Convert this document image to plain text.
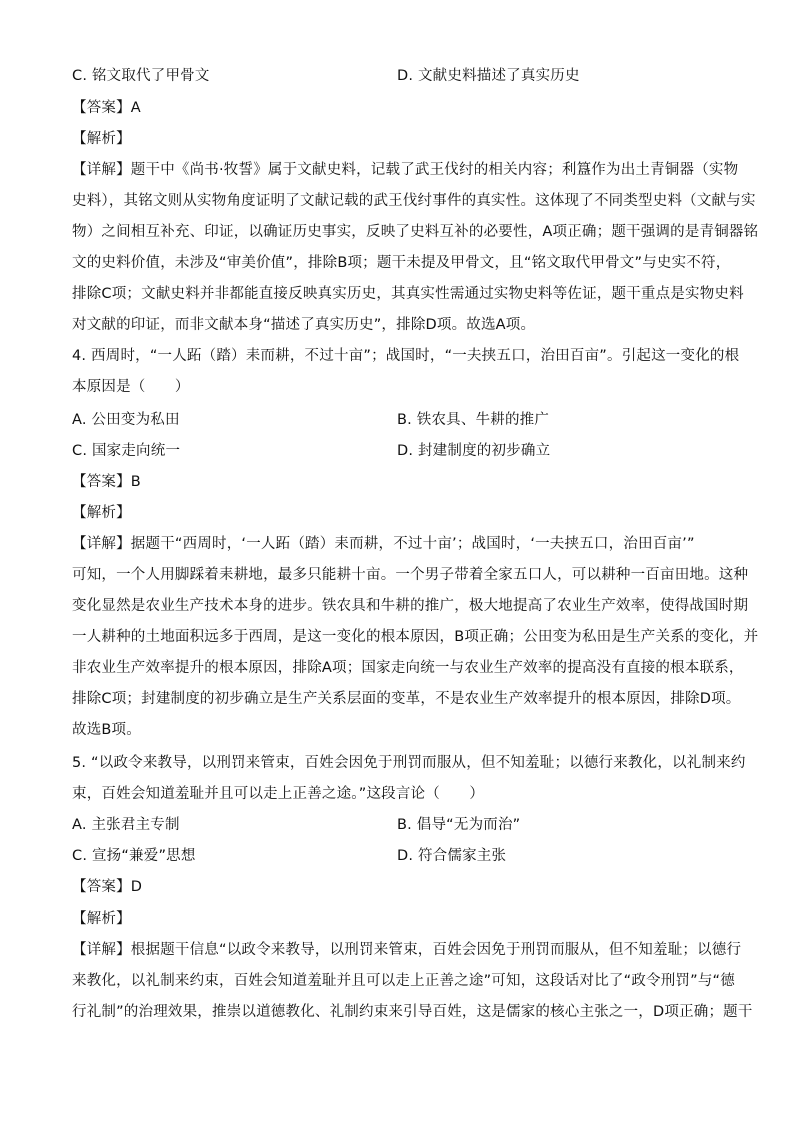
C. 铭文取代了甲骨文	D. 文献史料描述了真实历史
【答案】A
【解析】
【详解】题干中《尚书·牧誓》属于文献史料，记载了武王伐纣的相关内容；利簋作为出土青铜器（实物
史料），其铭文则从实物角度证明了文献记载的武王伐纣事件的真实性。这体现了不同类型史料（文献与实
物）之间相互补充、印证，以确证历史事实，反映了史料互补的必要性，A项正确；题干强调的是青铜器铭
文的史料价值，未涉及“审美价值”，排除B项；题干未提及甲骨文，且“铭文取代甲骨文”与史实不符，
排除C项；文献史料并非都能直接反映真实历史，其真实性需通过实物史料等佐证，题干重点是实物史料
对文献的印证，而非文献本身“描述了真实历史”，排除D项。故选A项。
4. 西周时，“一人跖（踏）耒而耕，不过十亩”；战国时，“一夫挟五口，治田百亩”。引起这一变化的根
本原因是（　　）
A. 公田变为私田	B. 铁农具、牛耕的推广
C. 国家走向统一	D. 封建制度的初步确立
【答案】B
【解析】
【详解】据题干“西周时，‘一人跖（踏）耒而耕，不过十亩’；战国时，‘一夫挟五口，治田百亩’”
可知，一个人用脚踩着耒耕地，最多只能耕十亩。一个男子带着全家五口人，可以耕种一百亩田地。这种
变化显然是农业生产技术本身的进步。铁农具和牛耕的推广，极大地提高了农业生产效率，使得战国时期
一人耕种的土地面积远多于西周，是这一变化的根本原因，B项正确；公田变为私田是生产关系的变化，并
非农业生产效率提升的根本原因，排除A项；国家走向统一与农业生产效率的提高没有直接的根本联系，
排除C项；封建制度的初步确立是生产关系层面的变革，不是农业生产效率提升的根本原因，排除D项。
故选B项。
5. “以政令来教导，以刑罚来管束，百姓会因免于刑罚而服从，但不知羞耻；以德行来教化，以礼制来约
束，百姓会知道羞耻并且可以走上正善之途。”这段言论（　　）
A. 主张君主专制	B. 倡导“无为而治”
C. 宣扬“兼爱”思想	D. 符合儒家主张
【答案】D
【解析】
【详解】根据题干信息“以政令来教导，以刑罚来管束，百姓会因免于刑罚而服从，但不知羞耻；以德行
来教化，以礼制来约束，百姓会知道羞耻并且可以走上正善之途”可知，这段话对比了“政令刑罚”与“德
行礼制”的治理效果，推崇以道德教化、礼制约束来引导百姓，这是儒家的核心主张之一，D项正确；题干
